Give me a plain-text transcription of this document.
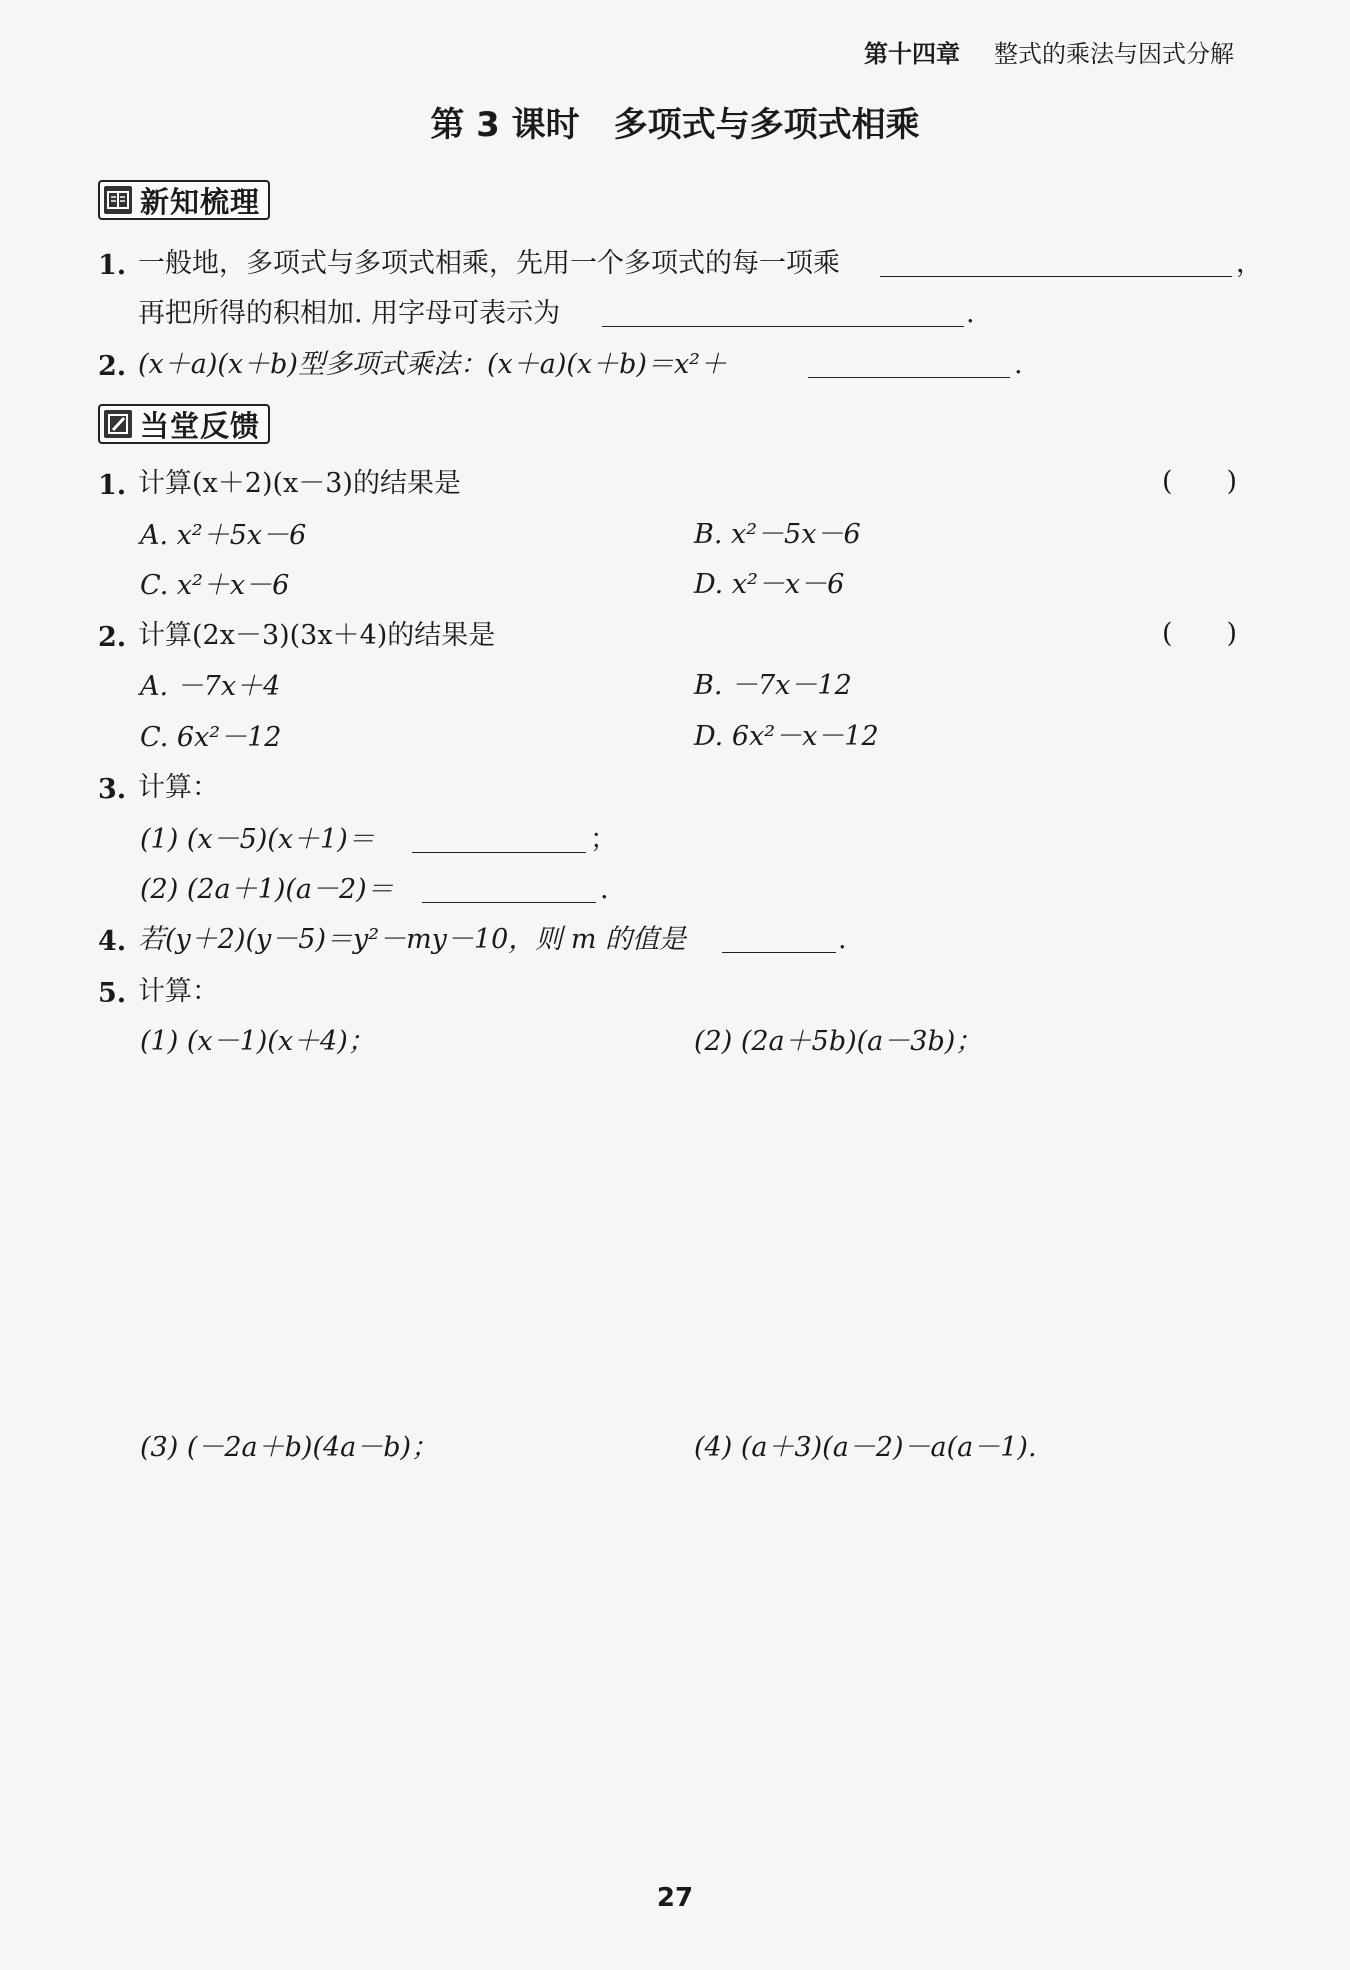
第十四章	整式的乘法与因式分解
第 3 课时　多项式与多项式相乘
新知梳理
1. 一般地，多项式与多项式相乘，先用一个多项式的每一项乘	，
再把所得的积相加. 用字母可表示为	.
2. (x＋a)(x＋b)型多项式乘法：(x＋a)(x＋b)＝x²＋	.
当堂反馈
1. 计算(x＋2)(x－3)的结果是	(　　)
A. x²＋5x－6	B. x²－5x－6
C. x²＋x－6	D. x²－x－6
2. 计算(2x－3)(3x＋4)的结果是	(　　)
A. －7x＋4	B. －7x－12
C. 6x²－12	D. 6x²－x－12
3. 计算：
(1) (x－5)(x＋1)＝	；
(2) (2a＋1)(a－2)＝	.
4. 若(y＋2)(y－5)＝y²－my－10，则 m 的值是	.
5. 计算：
(1) (x－1)(x＋4)；	(2) (2a＋5b)(a－3b)；
(3) (－2a＋b)(4a－b)；	(4) (a＋3)(a－2)－a(a－1).
27
